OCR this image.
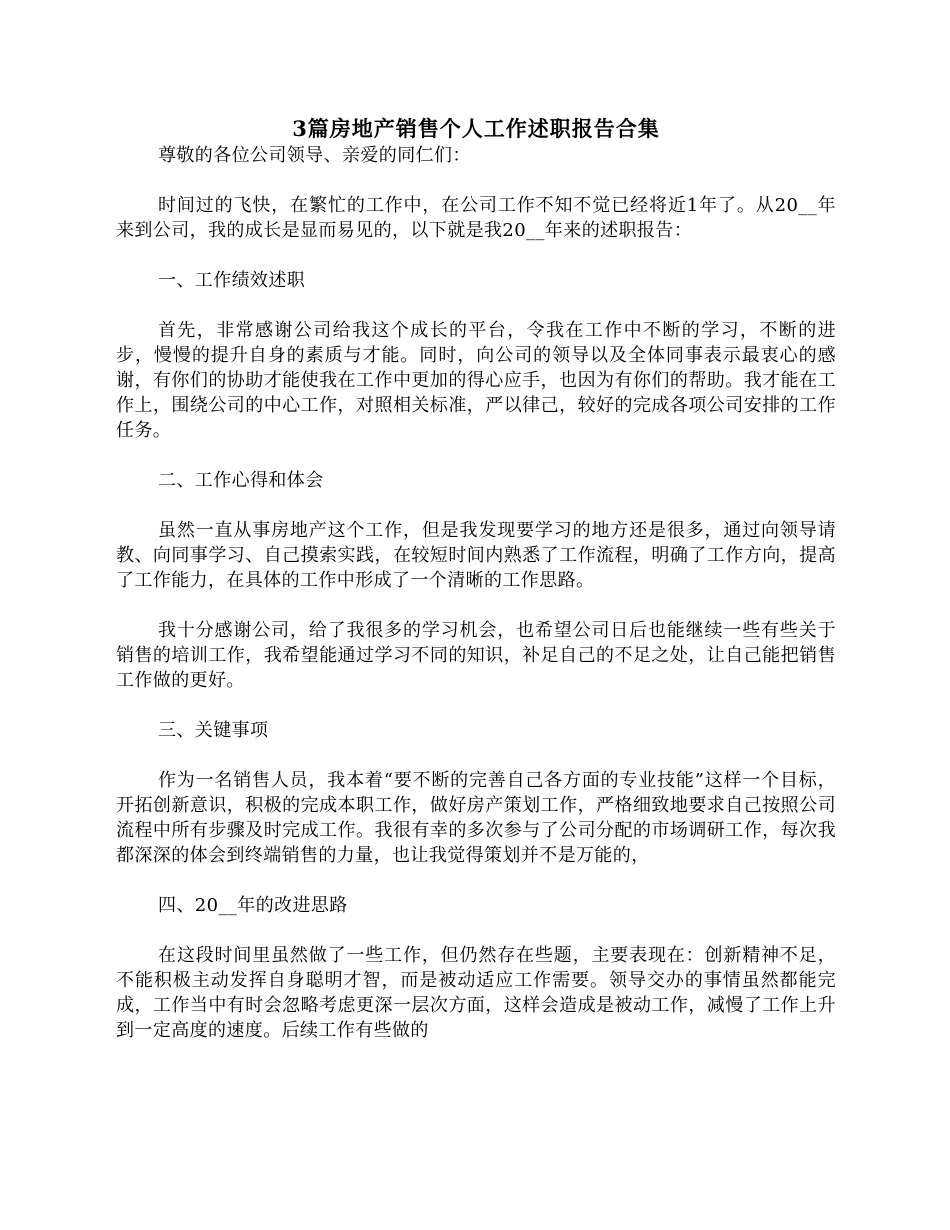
3篇房地产销售个人工作述职报告合集

尊敬的各位公司领导、亲爱的同仁们：

时间过的飞快，在繁忙的工作中，在公司工作不知不觉已经将近1年了。从20__年来到公司，我的成长是显而易见的，以下就是我20__年来的述职报告：

一、工作绩效述职

首先，非常感谢公司给我这个成长的平台，令我在工作中不断的学习，不断的进步，慢慢的提升自身的素质与才能。同时，向公司的领导以及全体同事表示最衷心的感谢，有你们的协助才能使我在工作中更加的得心应手，也因为有你们的帮助。我才能在工作上，围绕公司的中心工作，对照相关标准，严以律己，较好的完成各项公司安排的工作任务。

二、工作心得和体会

虽然一直从事房地产这个工作，但是我发现要学习的地方还是很多，通过向领导请教、向同事学习、自己摸索实践，在较短时间内熟悉了工作流程，明确了工作方向，提高了工作能力，在具体的工作中形成了一个清晰的工作思路。

我十分感谢公司，给了我很多的学习机会，也希望公司日后也能继续一些有些关于销售的培训工作，我希望能通过学习不同的知识，补足自己的不足之处，让自己能把销售工作做的更好。

三、关键事项

作为一名销售人员，我本着“要不断的完善自己各方面的专业技能”这样一个目标，开拓创新意识，积极的完成本职工作，做好房产策划工作，严格细致地要求自己按照公司流程中所有步骤及时完成工作。我很有幸的多次参与了公司分配的市场调研工作，每次我都深深的体会到终端销售的力量，也让我觉得策划并不是万能的，

四、20__年的改进思路

在这段时间里虽然做了一些工作，但仍然存在些题，主要表现在：创新精神不足，不能积极主动发挥自身聪明才智，而是被动适应工作需要。领导交办的事情虽然都能完成，工作当中有时会忽略考虑更深一层次方面，这样会造成是被动工作，减慢了工作上升到一定高度的速度。后续工作有些做的
